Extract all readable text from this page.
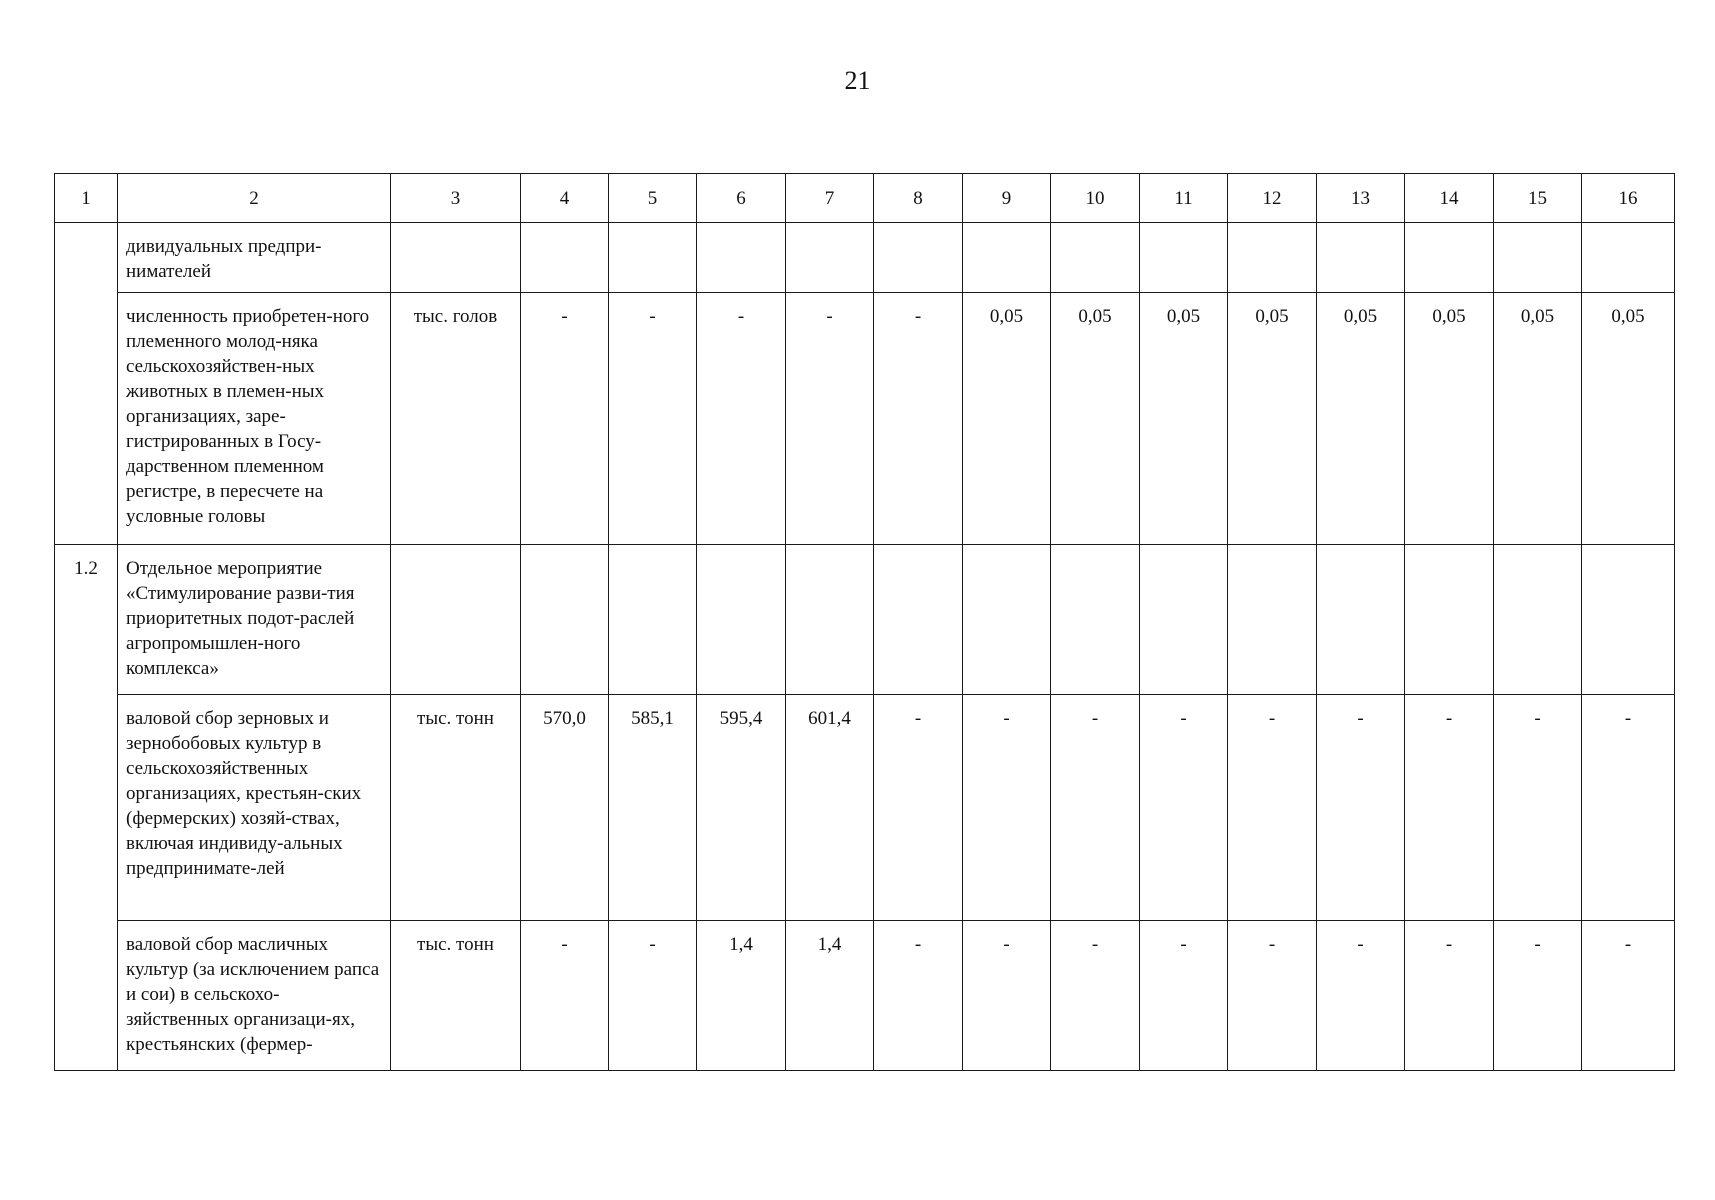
21
1	2	3	4	5	6	7	8	9	10	11	12	13	14	15	16
	дивидуальных предпри-нимателей														
	численность приобретен-ного племенного молод-няка сельскохозяйствен-ных животных в племен-ных организациях, заре-гистрированных в Госу-дарственном племенном регистре, в пересчете на условные головы	тыс. голов	-	-	-	-	-	0,05	0,05	0,05	0,05	0,05	0,05	0,05	0,05
1.2	Отдельное мероприятие «Стимулирование разви-тия приоритетных подот-раслей агропромышлен-ного комплекса»														
	валовой сбор зерновых и зернобобовых культур в сельскохозяйственных организациях, крестьян-ских (фермерских) хозяй-ствах, включая индивиду-альных предпринимате-лей	тыс. тонн	570,0	585,1	595,4	601,4	-	-	-	-	-	-	-	-	-
	валовой сбор масличных культур (за исключением рапса и сои) в сельскохо-зяйственных организаци-ях, крестьянских (фермер-	тыс. тонн	-	-	1,4	1,4	-	-	-	-	-	-	-	-	-
